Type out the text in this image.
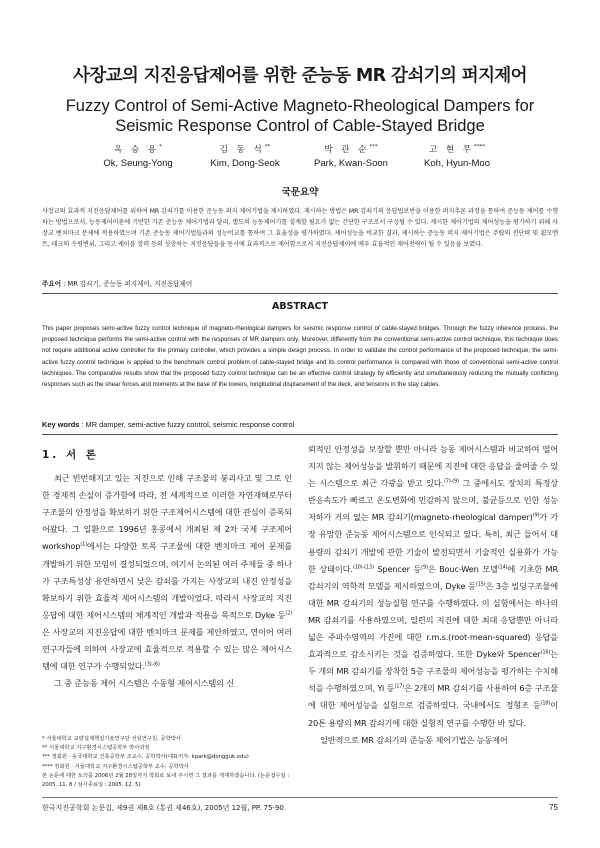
사장교의 지진응답제어를 위한 준능동 MR 감쇠기의 퍼지제어
Fuzzy Control of Semi-Active Magneto-Rheological Dampers for
Seismic Response Control of Cable-Stayed Bridge
옥 승 용*
Ok, Seung-Yong
김 동 석**
Kim, Dong-Seok
박 관 순***
Park, Kwan-Soon
고 현 무****
Koh, Hyun-Moo
국문요약
사장교의 효과적 지진응답제어를 위하여 MR 감쇠기를 이용한 준능동 퍼지 제어기법을 제시하였다. 제시하는 방법은 MR 감쇠기의 응답법보반을 이용한 퍼지추론 과정을 통하여 준능동 제어를 수행하는 방법으로서, 능동제어이론에 기반한 기존 준능동 제어기법과 달리, 별도의 능동제어기를 설계할 필요가 없는 간단한 구조로서 구성될 수 있다. 제시한 제어기법의 제어성능을 평가하기 위해 사장교 벤치마크 문제에 적용하였으며 기존 준능동 제어기법들과의 성능비교를 통하여 그 효율성을 평가하였다. 제어성능을 비교한 결과, 제시하는 준능동 퍼지 제어기법은 주탑의 전단력 및 휨모멘트, 데크의 수평변위, 그리고 케이블 장력 등의 상충하는 지진응답들을 동시에 효과적으로 제어함으로서 지진응답제어에 매우 효율적인 제어전략이 될 수 있음을 보였다.
주요어 : MR 감쇠기, 준능동 퍼지제어, 지진응답제어
ABSTRACT
This paper proposes semi-active fuzzy control technique of magneto-rheological dampers for seismic response control of cable-stayed bridges. Through the fuzzy inference process, the proposed technique performs the semi-active control with the responses of MR dampers only. Moreover, differently from the conventional semi-active control technique, this technique does not require additional active controller for the primary controller, which provides a simple design process. In order to validate the control performance of the proposed technique, the semi-active fuzzy control technique is applied to the benchmark control problem of cable-stayed bridge and its control performance is compared with those of conventional semi-active control techniques. The comparative results show that the proposed fuzzy control technique can be an effective control strategy by efficiently and simultaneously reducing the mutually conflicting responses such as the shear forces and moments at the base of the towers, longitudinal displacement of the deck, and tensions in the stay cables.
Key words : MR damper, semi-active fuzzy control, seismic response control
1. 서 론

최근 빈번해지고 있는 지진으로 인해 구조물의 붕괴사고 및 그로 인한 경제적 손실이 증가함에 따라, 전 세계적으로 이러한 자연재해로부터 구조물의 안정성을 확보하기 위한 구조제어시스템에 대한 관심이 증폭되어왔다. 그 일환으로 1996년 홍콩에서 개최된 제 2차 국제 구조제어 workshop$^{(1)}$에서는 다양한 토목 구조물에 대한 벤치마크 제어 문제를 개발하기 위한 모임이 결성되었으며, 여기서 논의된 여러 주제들 중 하나가 구조특성상 유연하면서 낮은 감쇠를 가지는 사장교의 내진 안정성을 확보하기 위한 효율적 제어시스템의 개발이었다. 따라서 사장교의 지진응답에 대한 제어시스템의 체계적인 개발과 적용을 목적으로 Dyke 등$^{(2)}$은 사장교의 지진응답에 대한 벤치마크 문제를 제안하였고, 연이어 여러 연구자들에 의하여 사장교에 효율적으로 적용할 수 있는 많은 제어시스템에 대한 연구가 수행되었다.$^{(3)-(6)}$

그 중 준능동 제어 시스템은 수동형 제어시스템의 신

뢰적인 안정성을 보장할 뿐만 아니라 능동 제어시스템과 비교하여 떨어지지 않는 제어성능을 발휘하기 때문에 지진에 대한 응답을 줄여줄 수 있는 시스템으로 최근 각광을 받고 있다.$^{(7)-(9)}$ 그 중에서도 장치의 특정상 반응속도가 빠르고 온도변화에 민감하지 않으며, 불균등으로 인한 성능저하가 거의 없는 MR 감쇠기(magneto-rheological damper)$^{(9)}$가 가장 유망한 준능동 제어시스템으로 인식되고 있다. 특히, 최근 들어서 대용량의 감쇠기 개발에 관한 기술이 발전되면서 기술적인 실용화가 가능한 상태이다.$^{(10)-(13)}$ Spencer 등$^{(9)}$은 Bouc-Wen 모델$^{(14)}$에 기초한 MR 감쇠기의 역학적 모델을 제시하였으며, Dyke 등$^{(15)}$은 3층 빌딩구조물에 대한 MR 감쇠기의 성능실험 연구를 수행하였다. 이 실험에서는 하나의 MR 감쇠기를 사용하였으며, 일련의 지진에 대한 최대 응답뿐만 아니라 넓은 주파수영역의 가진에 대한 r.m.s.(root-mean-squared) 응답을 효과적으로 감소시키는 것을 검증하였다. 또한 Dyke와 Spencer$^{(16)}$는 두 개의 MR 감쇠기를 장착한 5층 구조물의 제어성능을 평가하는 수치해석을 수행하였으며, Yi 등$^{(17)}$은 2개의 MR 감쇠기를 사용하여 6층 구조물에 대한 제어성능을 실험으로 검증하였다. 국내에서도 정형조 등$^{(18)}$이 20톤 용량의 MR 감쇠기에 대한 실험적 연구를 수행한 바 있다.

일반적으로 MR 감쇠기의 준능동 제어기법은 능동제어

* 서울대학교 교량설계핵심기술연구단 선임연구원, 공학박사
** 서울대학교 지구환경시스템공학부 박사과정
*** 정회원 · 동국대학교 건축공학부 조교수, 공학박사(대표저자: kpark@dongguk.edu)
**** 정회원 · 서울대학교 지구환경시스템공학부 교수, 공학박사
본 논문에 대한 토의를 2006년 2월 28일까지 학회로 보내 주시면 그 결과를 게재하겠습니다. (논문접수일 : 2005. 11. 8 / 심사종료일 : 2005. 12. 5)
한국지진공학회 논문집, 제9권 제6호 (통권 제46호), 2005년 12월, PP. 75-90.	75
